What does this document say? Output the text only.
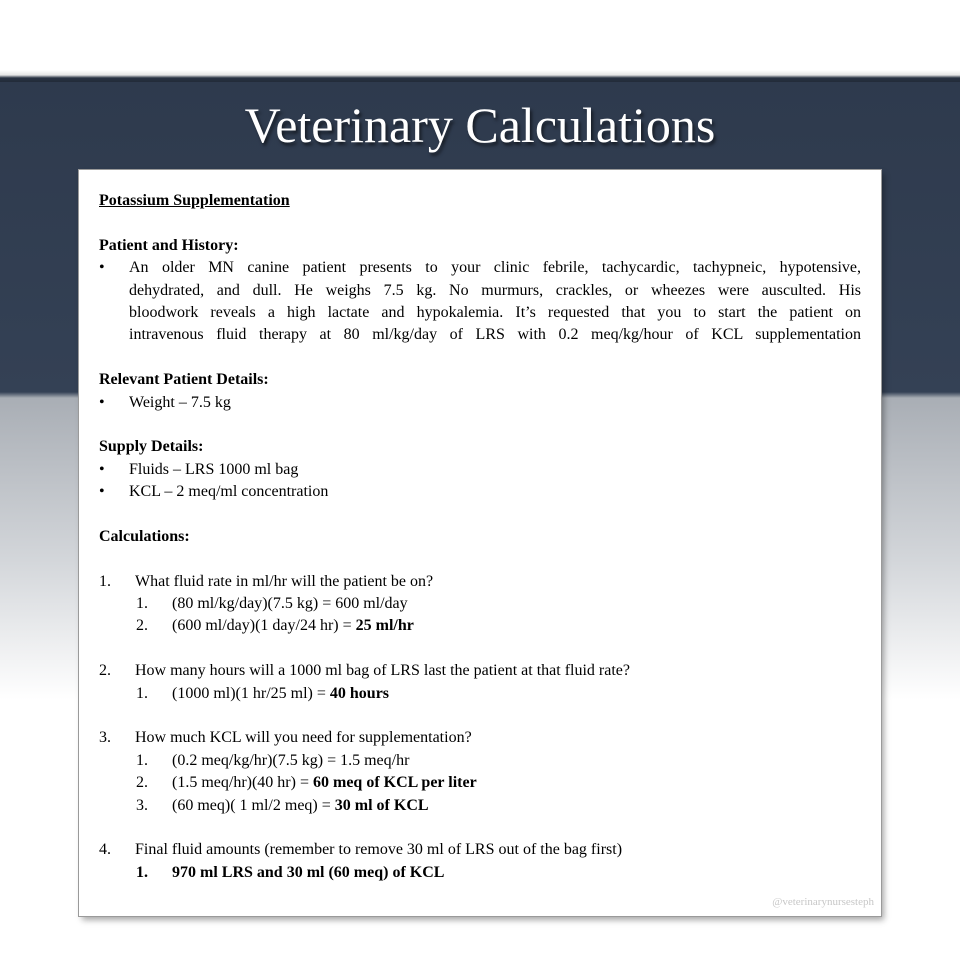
Veterinary Calculations
Potassium Supplementation
Patient and History:
• An older MN canine patient presents to your clinic febrile, tachycardic, tachypneic, hypotensive,
dehydrated, and dull. He weighs 7.5 kg. No murmurs, crackles, or wheezes were ausculted. His
bloodwork reveals a high lactate and hypokalemia. It’s requested that you to start the patient on
intravenous fluid therapy at 80 ml/kg/day of LRS with 0.2 meq/kg/hour of KCL supplementation
Relevant Patient Details:
• Weight – 7.5 kg
Supply Details:
• Fluids – LRS 1000 ml bag
• KCL – 2 meq/ml concentration
Calculations:
1. What fluid rate in ml/hr will the patient be on?
1. (80 ml/kg/day)(7.5 kg) = 600 ml/day
2. (600 ml/day)(1 day/24 hr) = 25 ml/hr
2. How many hours will a 1000 ml bag of LRS last the patient at that fluid rate?
1. (1000 ml)(1 hr/25 ml) = 40 hours
3. How much KCL will you need for supplementation?
1. (0.2 meq/kg/hr)(7.5 kg) = 1.5 meq/hr
2. (1.5 meq/hr)(40 hr) = 60 meq of KCL per liter
3. (60 meq)( 1 ml/2 meq) = 30 ml of KCL
4. Final fluid amounts (remember to remove 30 ml of LRS out of the bag first)
1. 970 ml LRS and 30 ml (60 meq) of KCL
@veterinarynursesteph
